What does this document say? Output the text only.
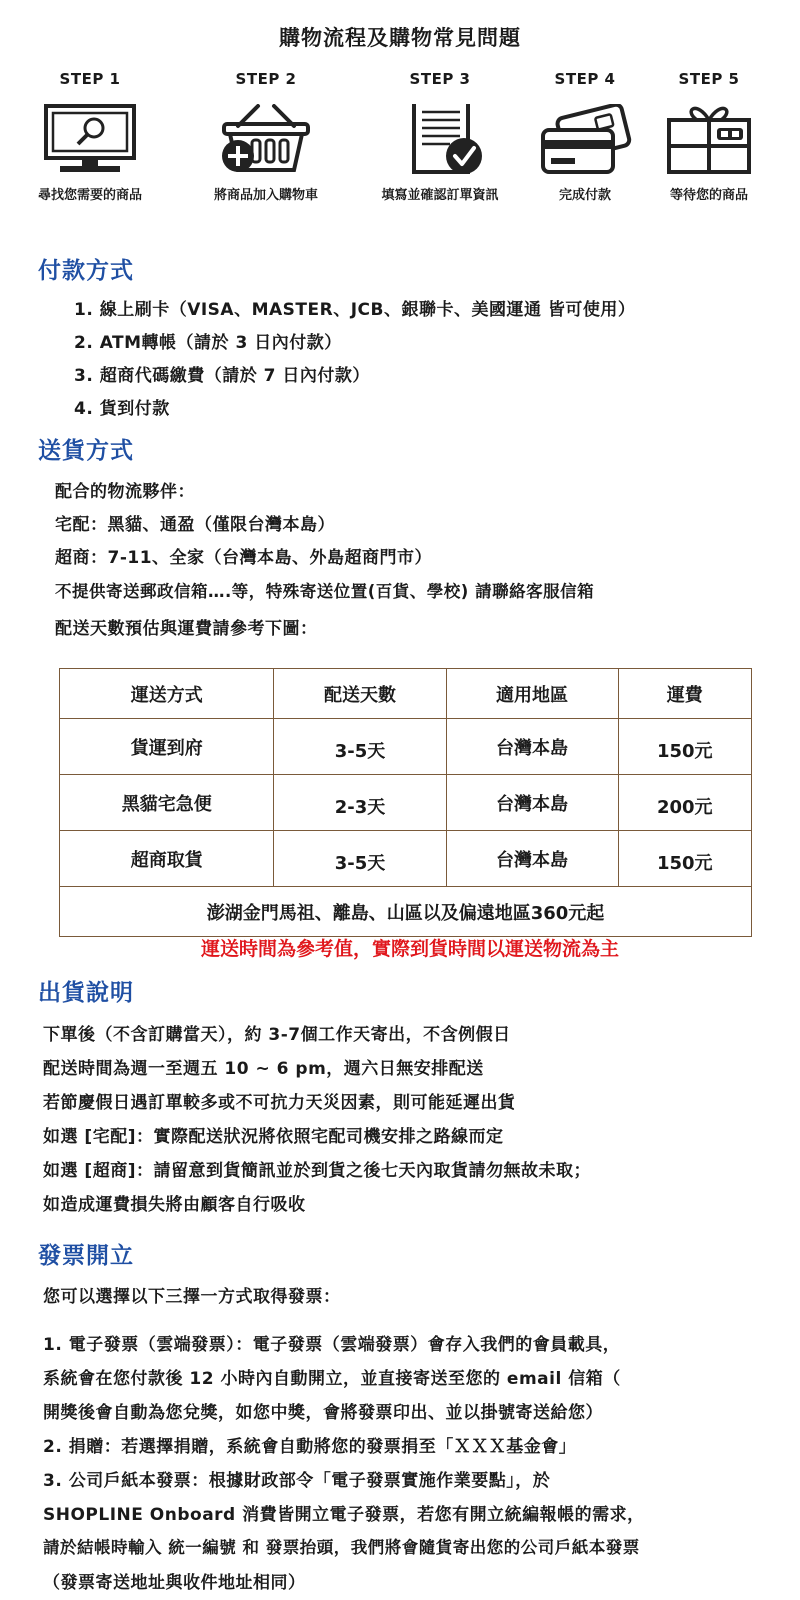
購物流程及購物常見問題
STEP 1
尋找您需要的商品
STEP 2
將商品加入購物車
STEP 3
填寫並確認訂單資訊
STEP 4
完成付款
STEP 5
等待您的商品
付款方式
1. 線上刷卡（VISA、MASTER、JCB、銀聯卡、美國運通 皆可使用）
2. ATM轉帳（請於 3 日內付款）
3. 超商代碼繳費（請於 7 日內付款）
4. 貨到付款
送貨方式
配合的物流夥伴：
宅配：黑貓、通盈（僅限台灣本島）
超商：7-11、全家（台灣本島、外島超商門市）
不提供寄送郵政信箱….等，特殊寄送位置(百貨、學校) 請聯絡客服信箱
配送天數預估與運費請參考下圖：
運送方式	配送天數	適用地區	運費
貨運到府	3-5天	台灣本島	150元
黑貓宅急便	2-3天	台灣本島	200元
超商取貨	3-5天	台灣本島	150元
澎湖金門馬祖、離島、山區以及偏遠地區360元起			
運送時間為參考值，實際到貨時間以運送物流為主
出貨說明
下單後（不含訂購當天），約 3-7個工作天寄出，不含例假日
配送時間為週一至週五 10 ~ 6 pm，週六日無安排配送
若節慶假日遇訂單較多或不可抗力天災因素，則可能延遲出貨
如選 [宅配]：實際配送狀況將依照宅配司機安排之路線而定
如選 [超商]：請留意到貨簡訊並於到貨之後七天內取貨請勿無故未取；
如造成運費損失將由顧客自行吸收
發票開立
您可以選擇以下三擇一方式取得發票：
1. 電子發票（雲端發票）：電子發票（雲端發票）會存入我們的會員載具，
系統會在您付款後 12 小時內自動開立，並直接寄送至您的 email 信箱（
開獎後會自動為您兌獎，如您中獎，會將發票印出、並以掛號寄送給您）
2. 捐贈：若選擇捐贈，系統會自動將您的發票捐至「ＸＸＸ基金會」
3. 公司戶紙本發票：根據財政部令「電子發票實施作業要點」，於
SHOPLINE Onboard 消費皆開立電子發票，若您有開立統編報帳的需求，
請於結帳時輸入 統一編號 和 發票抬頭，我們將會隨貨寄出您的公司戶紙本發票
（發票寄送地址與收件地址相同）
